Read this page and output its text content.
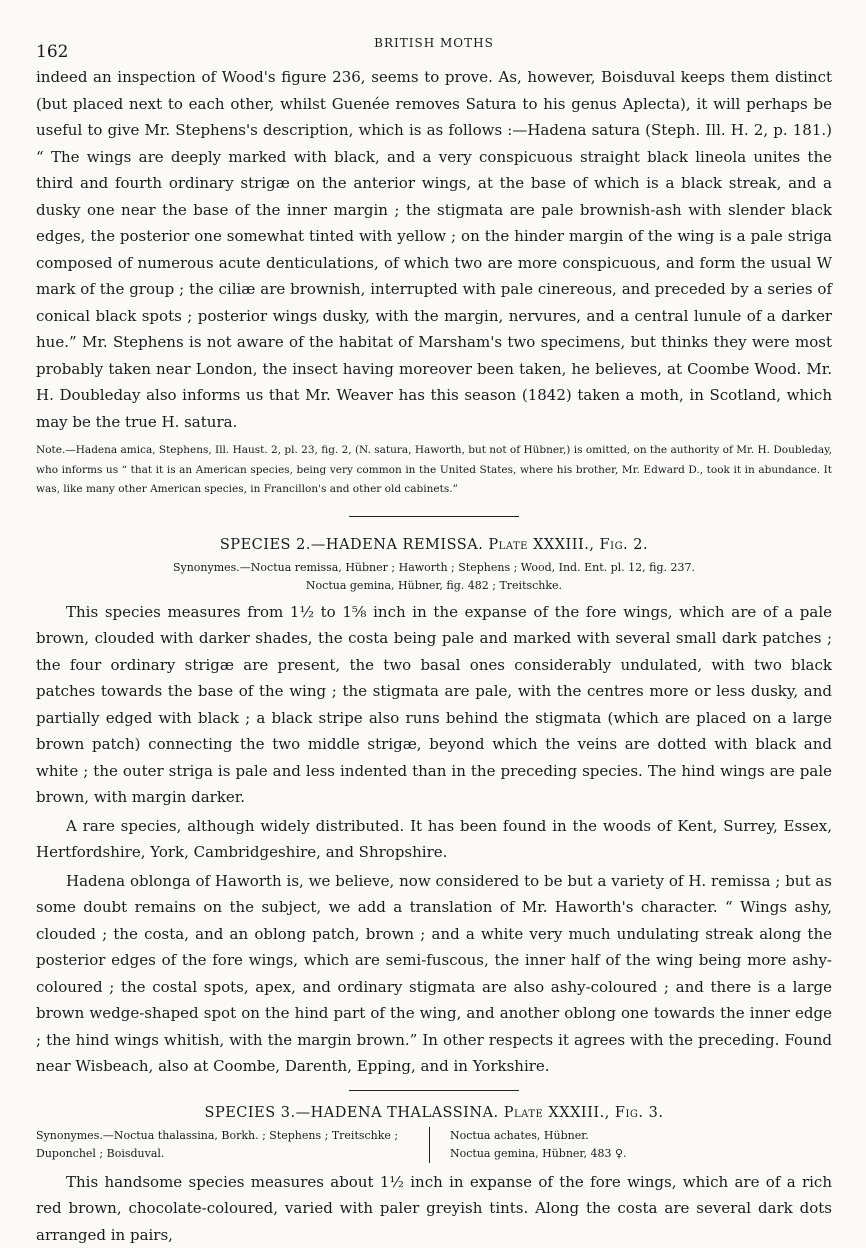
162	BRITISH MOTHS

indeed an inspection of Wood's figure 236, seems to prove. As, however, Boisduval keeps them distinct (but placed next to each other, whilst Guenée removes Satura to his genus Aplecta), it will perhaps be useful to give Mr. Stephens's description, which is as follows :—Hadena satura (Steph. Ill. H. 2, p. 181.) “ The wings are deeply marked with black, and a very conspicuous straight black lineola unites the third and fourth ordinary strigæ on the anterior wings, at the base of which is a black streak, and a dusky one near the base of the inner margin ; the stigmata are pale brownish-ash with slender black edges, the posterior one somewhat tinted with yellow ; on the hinder margin of the wing is a pale striga composed of numerous acute denticulations, of which two are more conspicuous, and form the usual W mark of the group ; the ciliæ are brownish, interrupted with pale cinereous, and preceded by a series of conical black spots ; posterior wings dusky, with the margin, nervures, and a central lunule of a darker hue.” Mr. Stephens is not aware of the habitat of Marsham's two specimens, but thinks they were most probably taken near London, the insect having moreover been taken, he believes, at Coombe Wood. Mr. H. Doubleday also informs us that Mr. Weaver has this season (1842) taken a moth, in Scotland, which may be the true H. satura.

Note.—Hadena amica, Stephens, Ill. Haust. 2, pl. 23, fig. 2, (N. satura, Haworth, but not of Hübner,) is omitted, on the authority of Mr. H. Doubleday, who informs us “ that it is an American species, being very common in the United States, where his brother, Mr. Edward D., took it in abundance. It was, like many other American species, in Francillon's and other old cabinets.”

SPECIES 2.—HADENA REMISSA. Plate XXXIII., Fig. 2.
Synonymes.—Noctua remissa, Hübner ; Haworth ; Stephens ; Wood, Ind. Ent. pl. 12, fig. 237.
Noctua gemina, Hübner, fig. 482 ; Treitschke.

This species measures from 1½ to 1⅝ inch in the expanse of the fore wings, which are of a pale brown, clouded with darker shades, the costa being pale and marked with several small dark patches ; the four ordinary strigæ are present, the two basal ones considerably undulated, with two black patches towards the base of the wing ; the stigmata are pale, with the centres more or less dusky, and partially edged with black ; a black stripe also runs behind the stigmata (which are placed on a large brown patch) connecting the two middle strigæ, beyond which the veins are dotted with black and white ; the outer striga is pale and less indented than in the preceding species. The hind wings are pale brown, with margin darker.

A rare species, although widely distributed. It has been found in the woods of Kent, Surrey, Essex, Hertfordshire, York, Cambridgeshire, and Shropshire.

Hadena oblonga of Haworth is, we believe, now considered to be but a variety of H. remissa ; but as some doubt remains on the subject, we add a translation of Mr. Haworth's character. “ Wings ashy, clouded ; the costa, and an oblong patch, brown ; and a white very much undulating streak along the posterior edges of the fore wings, which are semi-fuscous, the inner half of the wing being more ashy-coloured ; the costal spots, apex, and ordinary stigmata are also ashy-coloured ; and there is a large brown wedge-shaped spot on the hind part of the wing, and another oblong one towards the inner edge ; the hind wings whitish, with the margin brown.” In other respects it agrees with the preceding. Found near Wisbeach, also at Coombe, Darenth, Epping, and in Yorkshire.

SPECIES 3.—HADENA THALASSINA. Plate XXXIII., Fig. 3.
Synonymes.—Noctua thalassina, Borkh. ; Stephens ; Treitschke ; Duponchel ; Boisduval.
Noctua achates, Hübner.
Noctua gemina, Hübner, 483 ♀.

This handsome species measures about 1½ inch in expanse of the fore wings, which are of a rich red brown, chocolate-coloured, varied with paler greyish tints. Along the costa are several dark dots arranged in pairs,
